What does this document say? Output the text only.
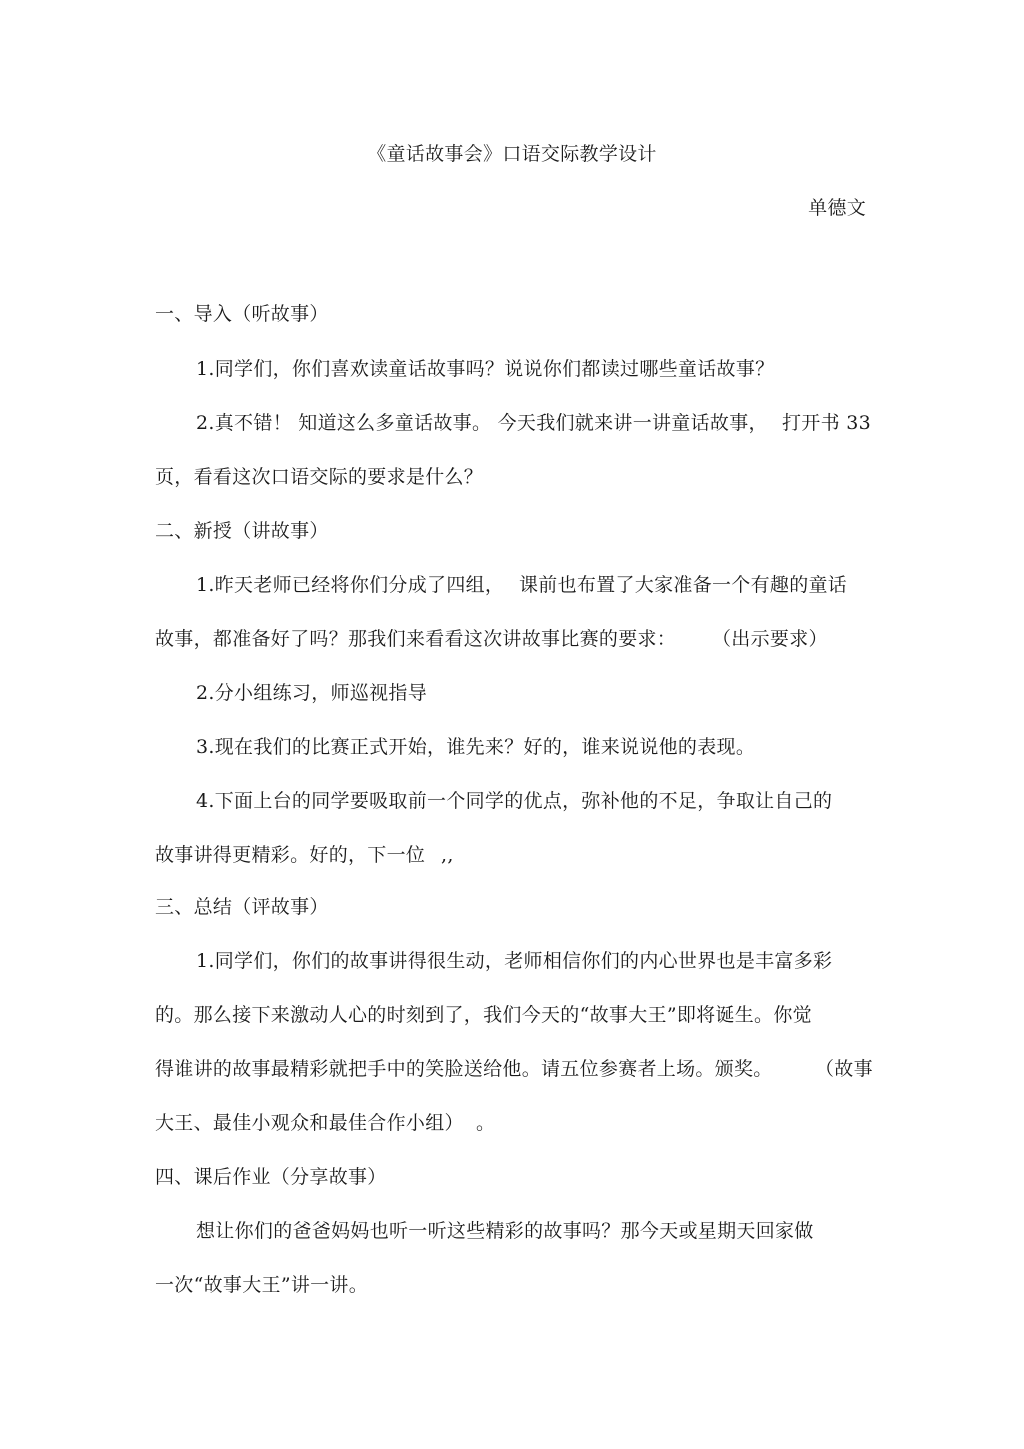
《童话故事会》口语交际教学设计
单德文
一、导入（听故事）
1.同学们，你们喜欢读童话故事吗？说说你们都读过哪些童话故事？
2.真不错！ 知道这么多童话故事。 今天我们就来讲一讲童话故事， 打开书 33
页，看看这次口语交际的要求是什么？
二、新授（讲故事）
1.昨天老师已经将你们分成了四组， 课前也布置了大家准备一个有趣的童话
故事，都准备好了吗？那我们来看看这次讲故事比赛的要求： （出示要求）
2.分小组练习，师巡视指导
3.现在我们的比赛正式开始，谁先来？好的，谁来说说他的表现。
4.下面上台的同学要吸取前一个同学的优点，弥补他的不足，争取让自己的
故事讲得更精彩。好的，下一位 ,,
三、总结（评故事）
1.同学们，你们的故事讲得很生动，老师相信你们的内心世界也是丰富多彩
的。那么接下来激动人心的时刻到了，我们今天的“故事大王”即将诞生。你觉
得谁讲的故事最精彩就把手中的笑脸送给他。请五位参赛者上场。颁奖。 （故事
大王、最佳小观众和最佳合作小组） 。
四、课后作业（分享故事）
想让你们的爸爸妈妈也听一听这些精彩的故事吗？那今天或星期天回家做
一次“故事大王”讲一讲。
